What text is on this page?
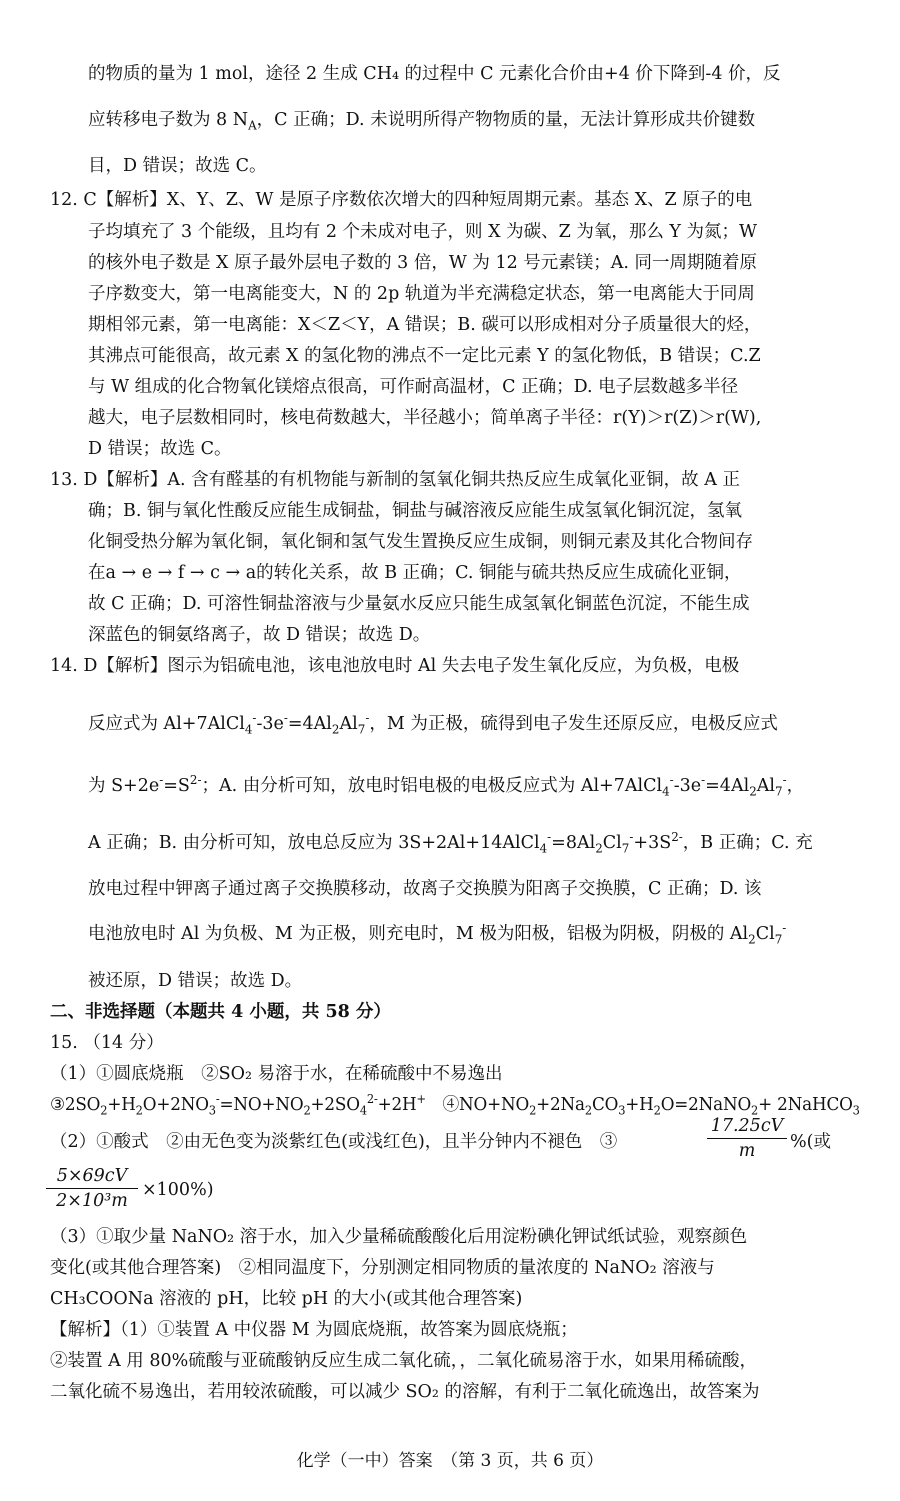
的物质的量为 1 mol，途径 2 生成 CH₄ 的过程中 C 元素化合价由+4 价下降到-4 价，反
应转移电子数为 8 $N_A$，C 正确；D. 未说明所得产物物质的量，无法计算形成共价键数
目，D 错误；故选 C。
12. C【解析】X、Y、Z、W 是原子序数依次增大的四种短周期元素。基态 X、Z 原子的电
子均填充了 3 个能级，且均有 2 个未成对电子，则 X 为碳、Z 为氧，那么 Y 为氮；W
的核外电子数是 X 原子最外层电子数的 3 倍，W 为 12 号元素镁；A. 同一周期随着原
子序数变大，第一电离能变大，N 的 2p 轨道为半充满稳定状态，第一电离能大于同周
期相邻元素，第一电离能：X＜Z＜Y，A 错误；B. 碳可以形成相对分子质量很大的烃，
其沸点可能很高，故元素 X 的氢化物的沸点不一定比元素 Y 的氢化物低，B 错误；C.Z
与 W 组成的化合物氧化镁熔点很高，可作耐高温材，C 正确；D. 电子层数越多半径
越大，电子层数相同时，核电荷数越大，半径越小；简单离子半径：r(Y)＞r(Z)＞r(W),
D 错误；故选 C。
13. D【解析】A. 含有醛基的有机物能与新制的氢氧化铜共热反应生成氧化亚铜，故 A 正
确；B. 铜与氧化性酸反应能生成铜盐，铜盐与碱溶液反应能生成氢氧化铜沉淀，氢氧
化铜受热分解为氧化铜，氧化铜和氢气发生置换反应生成铜，则铜元素及其化合物间存
在a → e → f → c → a的转化关系，故 B 正确；C. 铜能与硫共热反应生成硫化亚铜，
故 C 正确；D. 可溶性铜盐溶液与少量氨水反应只能生成氢氧化铜蓝色沉淀，不能生成
深蓝色的铜氨络离子，故 D 错误；故选 D。
14. D【解析】图示为铝硫电池，该电池放电时 Al 失去电子发生氧化反应，为负极，电极
反应式为 $Al+7AlCl_4^--3e^-=4Al_2Al_7^-$，M 为正极，硫得到电子发生还原反应，电极反应式
为 $S+2e^-=S^{2-}$；A. 由分析可知，放电时铝电极的电极反应式为 $Al+7AlCl_4^--3e^-=4Al_2Al_7^-$，
A 正确；B. 由分析可知，放电总反应为 $3S+2Al+14AlCl_4^-=8Al_2Cl_7^-+3S^{2-}$，B 正确；C. 充
放电过程中钾离子通过离子交换膜移动，故离子交换膜为阳离子交换膜，C 正确；D. 该
电池放电时 Al 为负极、M 为正极，则充电时，M 极为阳极，铝极为阴极，阴极的 $Al_2Cl_7^-$
被还原，D 错误；故选 D。
二、非选择题（本题共 4 小题，共 58 分）
15. （14 分）
（1）①圆底烧瓶　②SO₂ 易溶于水，在稀硫酸中不易逸出
$③2SO_2+H_2O+2NO_3^-=NO+NO_2+2SO_4^{2-}+2H^+$　$④NO+NO_2+2Na_2CO_3+H_2O=2NaNO_2+$ 2NaHCO$_3$
（2）①酸式　②由无色变为淡紫红色(或浅红色)，且半分钟内不褪色　③
17.25cV
m	%(或
5×69cV
2×10³m
×100%)
（3）①取少量 NaNO₂ 溶于水，加入少量稀硫酸酸化后用淀粉碘化钾试纸试验，观察颜色
变化(或其他合理答案)　②相同温度下，分别测定相同物质的量浓度的 NaNO₂ 溶液与
CH₃COONa 溶液的 pH，比较 pH 的大小(或其他合理答案)
【解析】（1）①装置 A 中仪器 M 为圆底烧瓶，故答案为圆底烧瓶；
②装置 A 用 80%硫酸与亚硫酸钠反应生成二氧化硫，，二氧化硫易溶于水，如果用稀硫酸，
二氧化硫不易逸出，若用较浓硫酸，可以减少 SO₂ 的溶解，有利于二氧化硫逸出，故答案为
化学（一中）答案　（第 3 页，共 6 页）
